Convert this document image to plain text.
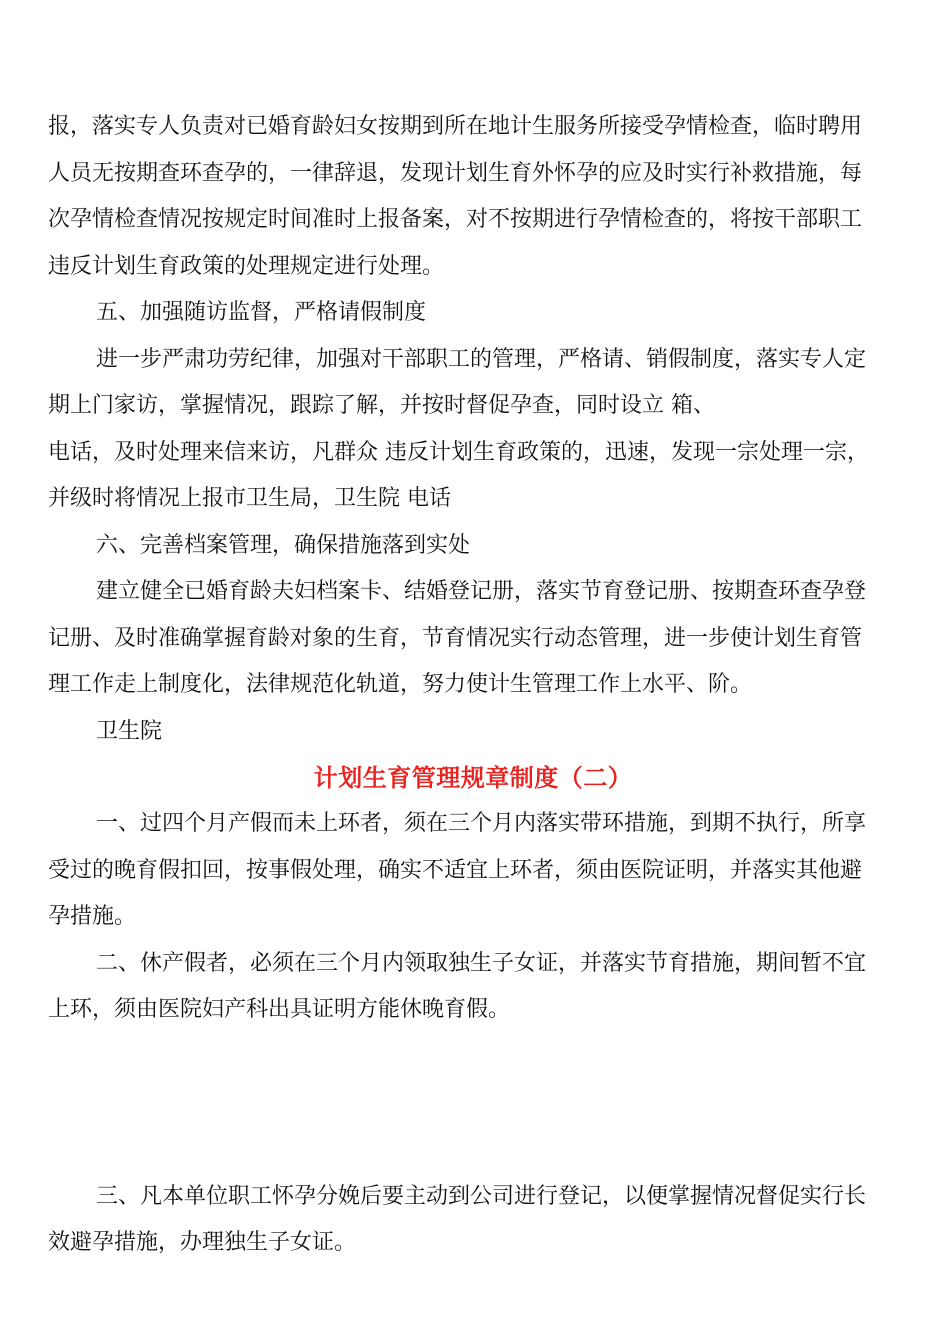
报，落实专人负责对已婚育龄妇女按期到所在地计生服务所接受孕情检查，临时聘用
人员无按期查环查孕的，一律辞退，发现计划生育外怀孕的应及时实行补救措施，每
次孕情检查情况按规定时间准时上报备案，对不按期进行孕情检查的，将按干部职工
违反计划生育政策的处理规定进行处理。

五、加强随访监督，严格请假制度

进一步严肃功劳纪律，加强对干部职工的管理，严格请、销假制度，落实专人定
期上门家访，掌握情况，跟踪了解，并按时督促孕查，同时设立 箱、
电话，及时处理来信来访，凡群众 违反计划生育政策的，迅速，发现一宗处理一宗，
并级时将情况上报市卫生局，卫生院 电话

六、完善档案管理，确保措施落到实处

建立健全已婚育龄夫妇档案卡、结婚登记册，落实节育登记册、按期查环查孕登
记册、及时准确掌握育龄对象的生育，节育情况实行动态管理，进一步使计划生育管
理工作走上制度化，法律规范化轨道，努力使计生管理工作上水平、阶。

卫生院

计划生育管理规章制度（二）

一、过四个月产假而未上环者，须在三个月内落实带环措施，到期不执行，所享
受过的晚育假扣回，按事假处理，确实不适宜上环者，须由医院证明，并落实其他避
孕措施。

二、休产假者，必须在三个月内领取独生子女证，并落实节育措施，期间暂不宜
上环，须由医院妇产科出具证明方能休晚育假。

三、凡本单位职工怀孕分娩后要主动到公司进行登记，以便掌握情况督促实行长
效避孕措施，办理独生子女证。
